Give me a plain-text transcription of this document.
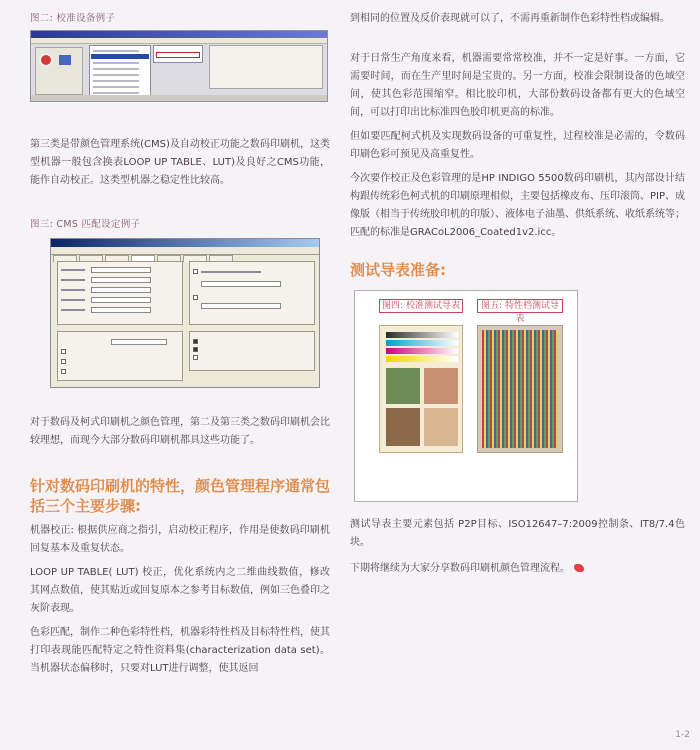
图二: 校准设备例子
第三类是带颜色管理系统(CMS)及自动校正功能之数码印刷机，这类型机器一般包含换表LOOP UP TABLE、LUT)及良好之CMS功能，能作自动校正。这类型机器之稳定性比较高。
图三: CMS 匹配设定例子
对于数码及柯式印刷机之颜色管理，第二及第三类之数码印刷机会比较理想，而现今大部分数码印刷机都具这些功能了。
针对数码印刷机的特性，颜色管理程序通常包括三个主要步骤:
机器校正: 根据供应商之指引，启动校正程序，作用是使数码印刷机回复基本及重复状态。
LOOP UP TABLE( LUT) 校正，优化系统内之二维曲线数值，修改其网点数值，使其贴近或回复原本之参考目标数值，例如三色叠印之灰阶表现。
色彩匹配，制作二种色彩特性档，机器彩特性档及目标特性档，使其打印表现能匹配特定之特性资料集(characterization data set)。当机器状态偏移时，只要对LUT进行调整，使其返回
到相同的位置及反价表现就可以了，不需再重新制作色彩特性档或编辑。
对于日常生产角度来看，机器需要常常校准，并不一定是好事。一方面，它需要时间，而在生产里时间是宝贵的。另一方面，校准会限制设备的色域空间，使其色彩范围缩窄。相比胶印机，大部份数码设备都有更大的色域空间，可以打印出比标准四色胶印机更高的标准。
但如要匹配柯式机及实现数码设备的可重复性，过程校准是必需的，令数码印刷色彩可预见及高重复性。
今次要作校正及色彩管理的是HP INDIGO 5500数码印刷机，其内部设计结构跟传统彩色柯式机的印刷原理相似，主要包括橡皮布、压印滚筒、PIP、成像版（相当于传统胶印机的印版）、液体电子油墨、供纸系统、收纸系统等；匹配的标准是GRACoL2006_Coated1v2.icc。
测试导表准备:
图四: 校准测试导表	图五: 特性档测试导表
测试导表主要元素包括 P2P目标、ISO12647–7:2009控制条、IT8/7.4色块。
下期将继续为大家分享数码印刷机颜色管理流程。
1-2
